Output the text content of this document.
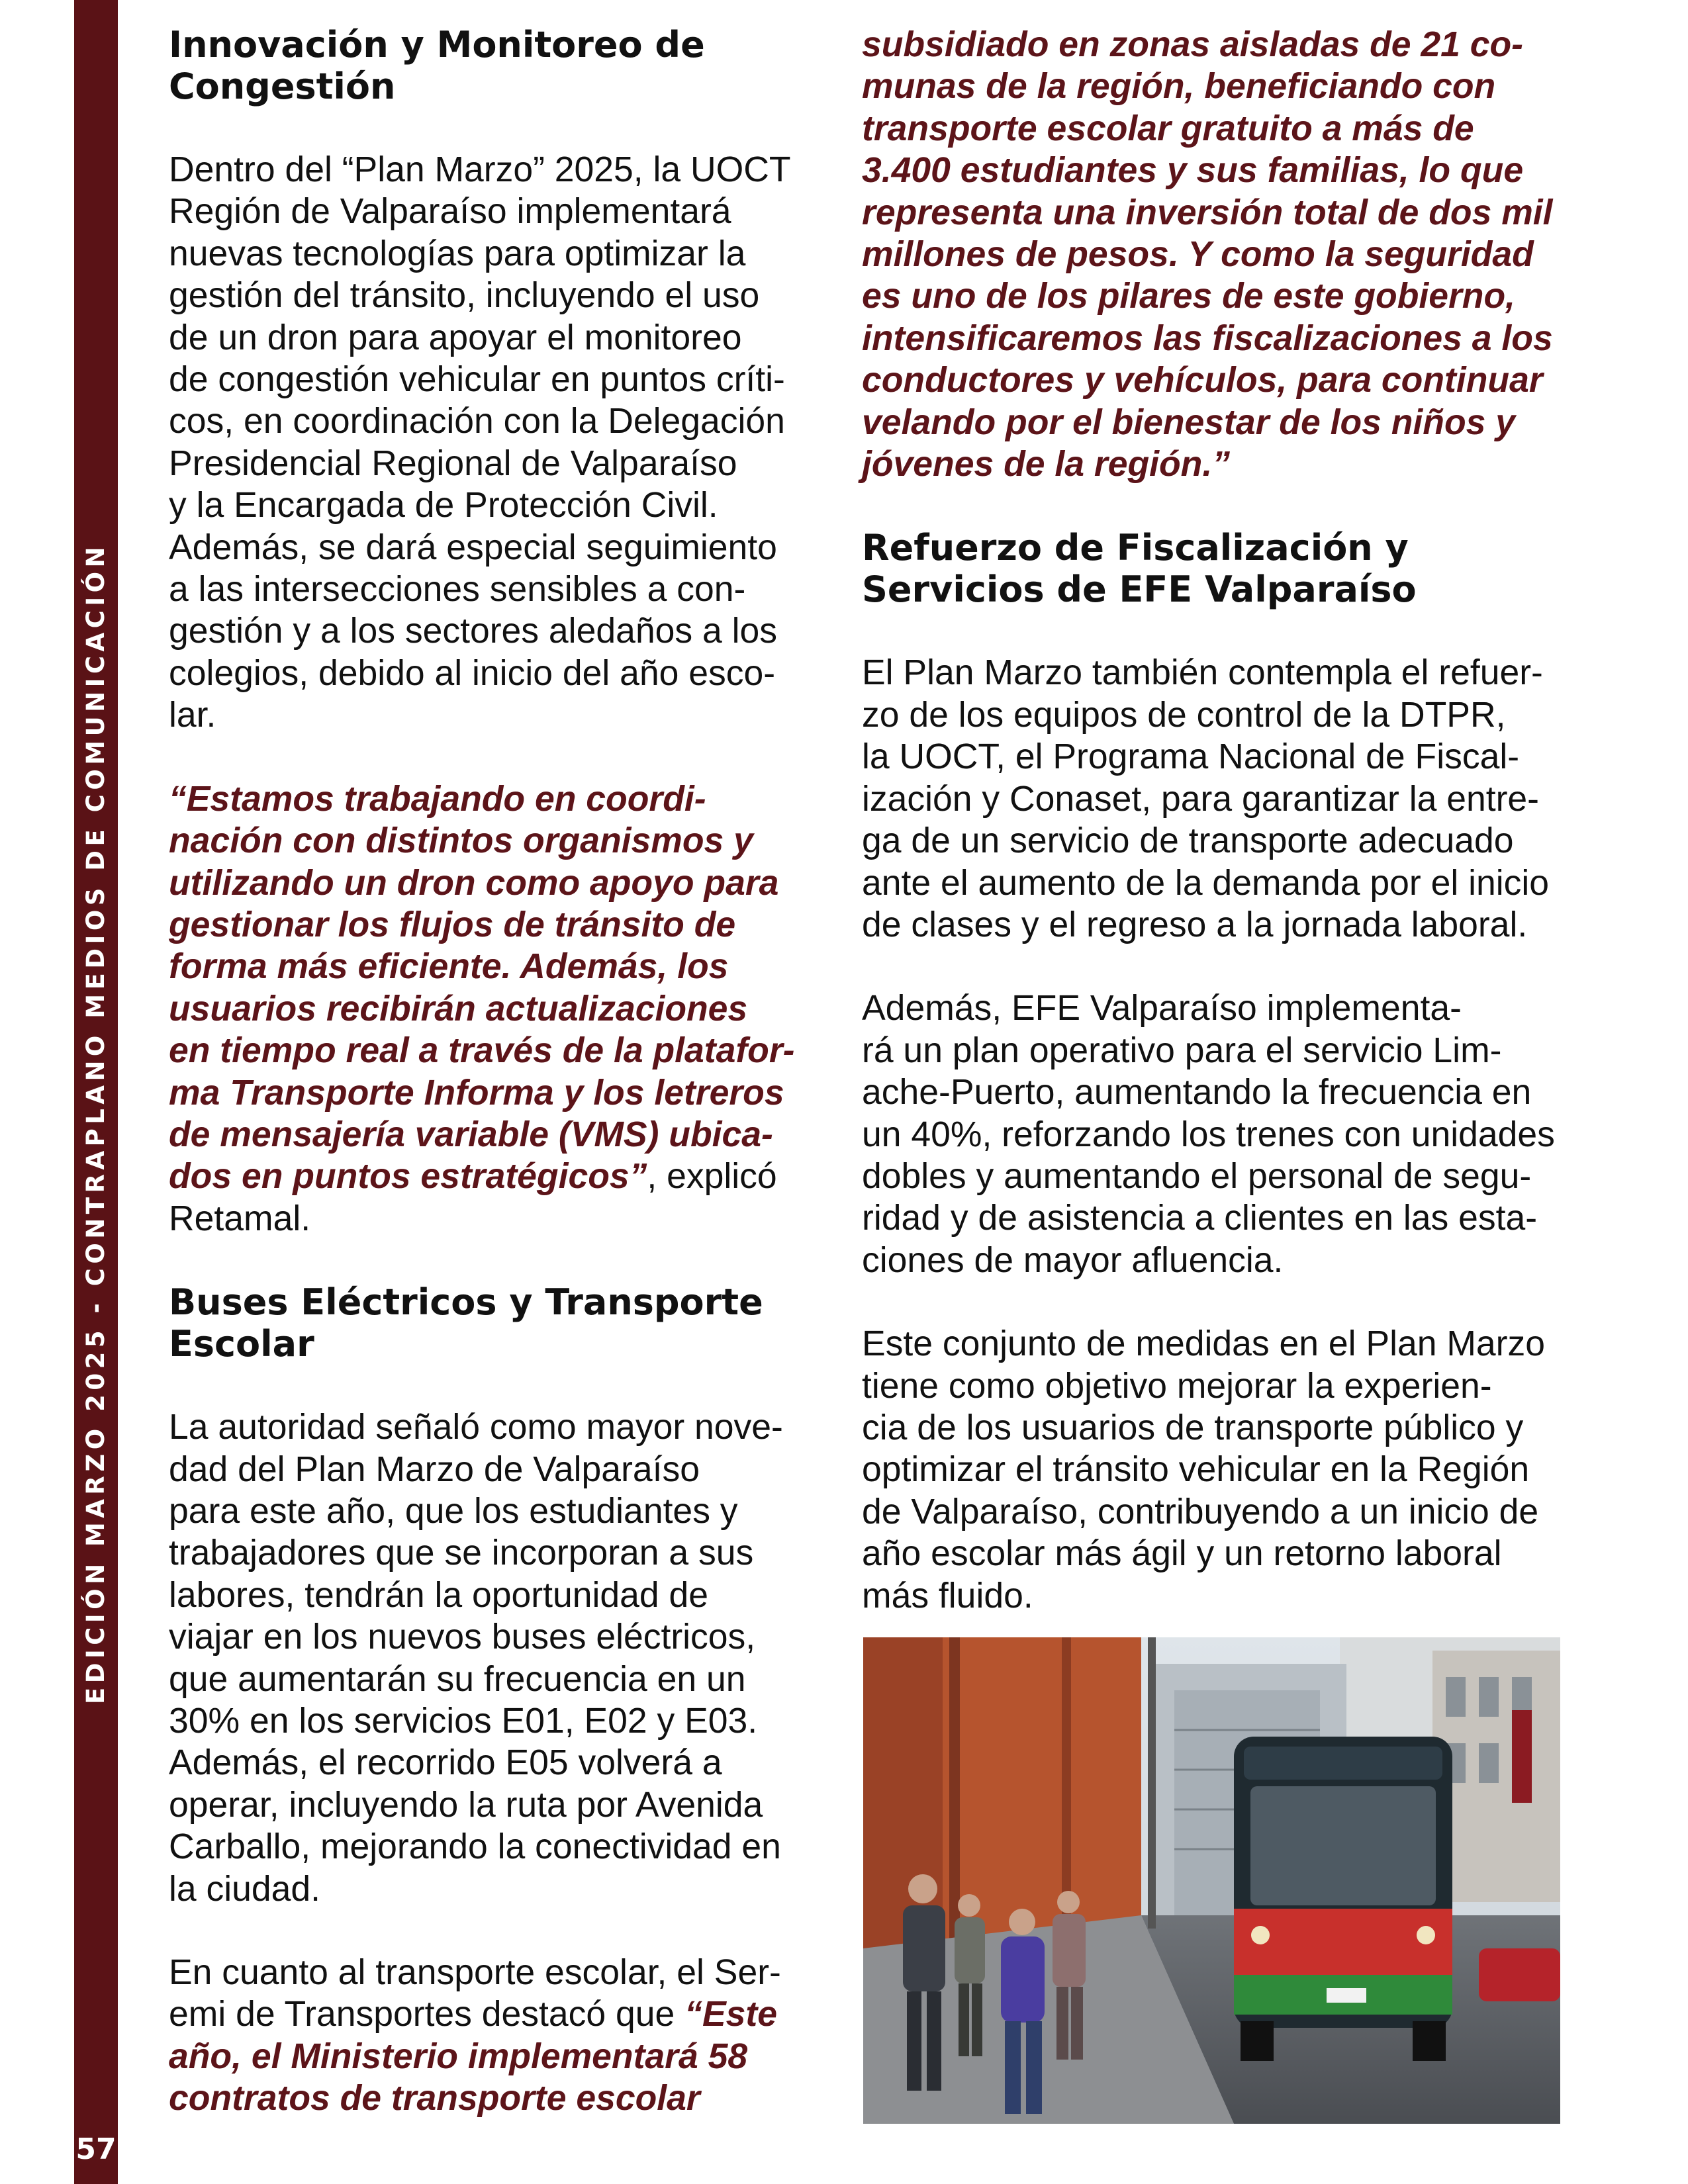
EDICIÓN MARZO 2025 - CONTRAPLANO MEDIOS DE COMUNICACIÓN
57
Innovación y Monitoreo de
Congestión

Dentro del “Plan Marzo” 2025, la UOCT
Región de Valparaíso implementará
nuevas tecnologías para optimizar la
gestión del tránsito, incluyendo el uso
de un dron para apoyar el monitoreo
de congestión vehicular en puntos críti-
cos, en coordinación con la Delegación
Presidencial Regional de Valparaíso
y la Encargada de Protección Civil.
Además, se dará especial seguimiento
a las intersecciones sensibles a con-
gestión y a los sectores aledaños a los
colegios, debido al inicio del año esco-
lar.

“Estamos trabajando en coordi-
nación con distintos organismos y
utilizando un dron como apoyo para
gestionar los flujos de tránsito de
forma más eficiente. Además, los
usuarios recibirán actualizaciones
en tiempo real a través de la platafor-
ma Transporte Informa y los letreros
de mensajería variable (VMS) ubica-
dos en puntos estratégicos”, explicó
Retamal.

Buses Eléctricos y Transporte
Escolar

La autoridad señaló como mayor nove-
dad del Plan Marzo de Valparaíso
para este año, que los estudiantes y
trabajadores que se incorporan a sus
labores, tendrán la oportunidad de
viajar en los nuevos buses eléctricos,
que aumentarán su frecuencia en un
30% en los servicios E01, E02 y E03.
Además, el recorrido E05 volverá a
operar, incluyendo la ruta por Avenida
Carballo, mejorando la conectividad en
la ciudad.

En cuanto al transporte escolar, el Ser-
emi de Transportes destacó que “Este
año, el Ministerio implementará 58
contratos de transporte escolar

subsidiado en zonas aisladas de 21 co-
munas de la región, beneficiando con
transporte escolar gratuito a más de
3.400 estudiantes y sus familias, lo que
representa una inversión total de dos mil
millones de pesos. Y como la seguridad
es uno de los pilares de este gobierno,
intensificaremos las fiscalizaciones a los
conductores y vehículos, para continuar
velando por el bienestar de los niños y
jóvenes de la región.”

Refuerzo de Fiscalización y
Servicios de EFE Valparaíso

El Plan Marzo también contempla el refuer-
zo de los equipos de control de la DTPR,
la UOCT, el Programa Nacional de Fiscal-
ización y Conaset, para garantizar la entre-
ga de un servicio de transporte adecuado
ante el aumento de la demanda por el inicio
de clases y el regreso a la jornada laboral.

Además, EFE Valparaíso implementa-
rá un plan operativo para el servicio Lim-
ache-Puerto, aumentando la frecuencia en
un 40%, reforzando los trenes con unidades
dobles y aumentando el personal de segu-
ridad y de asistencia a clientes en las esta-
ciones de mayor afluencia.

Este conjunto de medidas en el Plan Marzo
tiene como objetivo mejorar la experien-
cia de los usuarios de transporte público y
optimizar el tránsito vehicular en la Región
de Valparaíso, contribuyendo a un inicio de
año escolar más ágil y un retorno laboral
más fluido.
